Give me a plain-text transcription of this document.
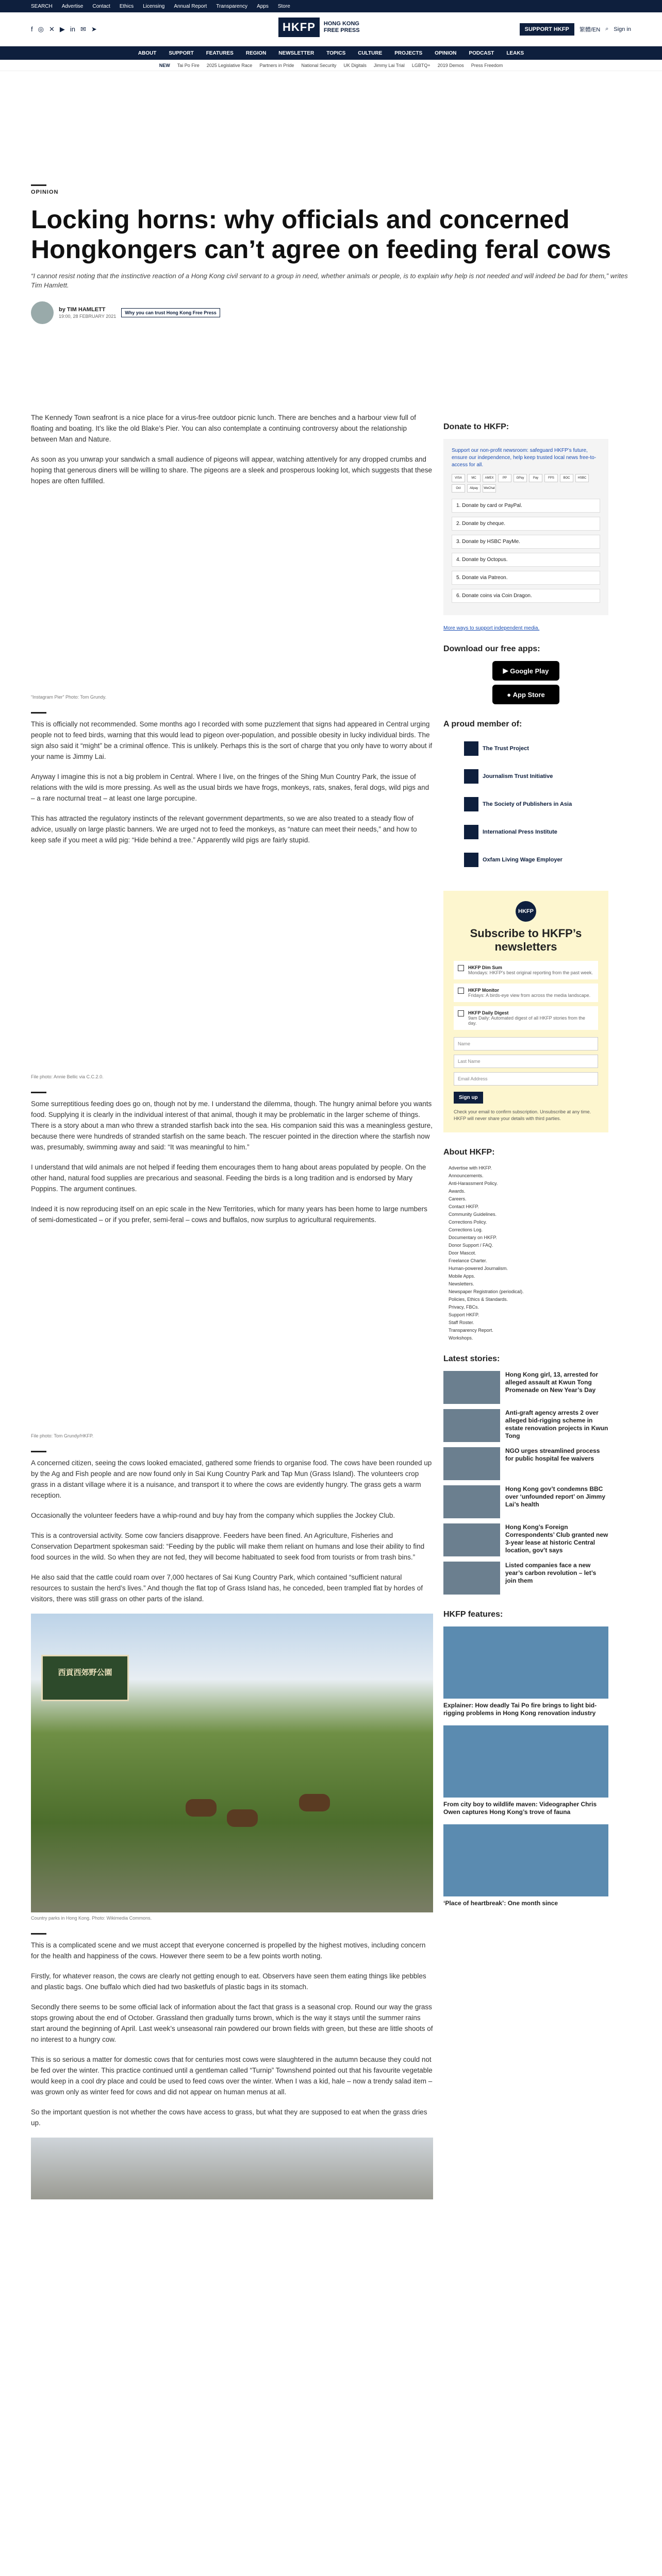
SEARCH Advertise Contact Ethics Licensing Annual Report Transparency Apps Store
f ◎ ✕ ▶ in ✉ ➤	SUPPORT HKFP	繁體/EN ⌕ Sign in
HKFP	HONG KONG
FREE PRESS
ABOUT SUPPORT FEATURES REGION NEWSLETTER TOPICS CULTURE PROJECTS OPINION PODCAST LEAKS
NEW Tai Po Fire 2025 Legislative Race Partners in Pride National Security UK Digitals Jimmy Lai Trial LGBTQ+ 2019 Demos Press Freedom
OPINION
Locking horns: why officials and concerned Hongkongers can’t agree on feeding feral cows
“I cannot resist noting that the instinctive reaction of a Hong Kong civil servant to a group in need, whether animals or people, is to explain why help is not needed and will indeed be bad for them,” writes Tim Hamlett.
by TIM HAMLETT
19:00, 28 FEBRUARY 2021
Why you can trust Hong Kong Free Press

The Kennedy Town seafront is a nice place for a virus-free outdoor picnic lunch. There are benches and a harbour view full of floating and boating. It’s like the old Blake’s Pier. You can also contemplate a continuing controversy about the relationship between Man and Nature.

As soon as you unwrap your sandwich a small audience of pigeons will appear, watching attentively for any dropped crumbs and hoping that generous diners will be willing to share. The pigeons are a sleek and prosperous looking lot, which suggests that these hopes are often fulfilled.

“Instagram Pier” Photo: Tom Grundy.

This is officially not recommended. Some months ago I recorded with some puzzlement that signs had appeared in Central urging people not to feed birds, warning that this would lead to pigeon over-population, and possible obesity in lucky individual birds. The sign also said it “might” be a criminal offence. This is unlikely. Perhaps this is the sort of charge that you only have to worry about if your name is Jimmy Lai.

Anyway I imagine this is not a big problem in Central. Where I live, on the fringes of the Shing Mun Country Park, the issue of relations with the wild is more pressing. As well as the usual birds we have frogs, monkeys, rats, snakes, feral dogs, wild pigs and – a rare nocturnal treat – at least one large porcupine.

This has attracted the regulatory instincts of the relevant government departments, so we are also treated to a steady flow of advice, usually on large plastic banners. We are urged not to feed the monkeys, as “nature can meet their needs,” and how to keep safe if you meet a wild pig: “Hide behind a tree.” Apparently wild pigs are fairly stupid.

File photo: Annie Bellic via C.C.2.0.

Some surreptitious feeding does go on, though not by me. I understand the dilemma, though. The hungry animal before you wants food. Supplying it is clearly in the individual interest of that animal, though it may be problematic in the larger scheme of things. There is a story about a man who threw a stranded starfish back into the sea. His companion said this was a meaningless gesture, because there were hundreds of stranded starfish on the same beach. The rescuer pointed in the direction where the starfish now was, presumably, swimming away and said: “It was meaningful to him.”

I understand that wild animals are not helped if feeding them encourages them to hang about areas populated by people. On the other hand, natural food supplies are precarious and seasonal. Feeding the birds is a long tradition and is endorsed by Mary Poppins. The argument continues.

Indeed it is now reproducing itself on an epic scale in the New Territories, which for many years has been home to large numbers of semi-domesticated – or if you prefer, semi-feral – cows and buffalos, now surplus to agricultural requirements.

File photo: Tom Grundy/HKFP.

A concerned citizen, seeing the cows looked emaciated, gathered some friends to organise food. The cows have been rounded up by the Ag and Fish people and are now found only in Sai Kung Country Park and Tap Mun (Grass Island). The volunteers crop grass in a distant village where it is a nuisance, and transport it to where the cows are evidently hungry. The grass gets a warm reception.

Occasionally the volunteer feeders have a whip-round and buy hay from the company which supplies the Jockey Club.

This is a controversial activity. Some cow fanciers disapprove. Feeders have been fined. An Agriculture, Fisheries and Conservation Department spokesman said: “Feeding by the public will make them reliant on humans and lose their ability to find food sources in the wild. So when they are not fed, they will become habituated to seek food from tourists or from trash bins.”

He also said that the cattle could roam over 7,000 hectares of Sai Kung Country Park, which contained “sufficient natural resources to sustain the herd’s lives.” And though the flat top of Grass Island has, he conceded, been trampled flat by hordes of visitors, there was still grass on other parts of the island.

西貢西郊野公園
Country parks in Hong Kong. Photo: Wikimedia Commons.

This is a complicated scene and we must accept that everyone concerned is propelled by the highest motives, including concern for the health and happiness of the cows. However there seem to be a few points worth noting.

Firstly, for whatever reason, the cows are clearly not getting enough to eat. Observers have seen them eating things like pebbles and plastic bags. One buffalo which died had two basketfuls of plastic bags in its stomach.

Secondly there seems to be some official lack of information about the fact that grass is a seasonal crop. Round our way the grass stops growing about the end of October. Grassland then gradually turns brown, which is the way it stays until the summer rains start around the beginning of April. Last week’s unseasonal rain powdered our brown fields with green, but these are little shoots of no interest to a hungry cow.

This is so serious a matter for domestic cows that for centuries most cows were slaughtered in the autumn because they could not be fed over the winter. This practice continued until a gentleman called “Turnip” Townshend pointed out that his favourite vegetable would keep in a cool dry place and could be used to feed cows over the winter. When I was a kid, hale – now a trendy salad item – was grown only as winter feed for cows and did not appear on human menus at all.

So the important question is not whether the cows have access to grass, but what they are supposed to eat when the grass dries up.

Donate to HKFP:
Support our non-profit newsroom: safeguard HKFP’s future, ensure our independence, help keep trusted local news free-to-access for all.
VISA	MC	AMEX	PP	GPay	Pay	FPS	BOC	HSBC
Oct	Alipay	WeChat
1. Donate by card or PayPal.
2. Donate by cheque.
3. Donate by HSBC PayMe.
4. Donate by Octopus.
5. Donate via Patreon.
6. Donate coins via Coin Dragon.
More ways to support independent media.
Download our free apps:
▶ Google Play
● App Store
A proud member of:
The Trust Project
Journalism Trust Initiative
The Society of Publishers in Asia
International Press Institute
Oxfam Living Wage Employer
HKFP
Subscribe to HKFP’s newsletters
HKFP Dim Sum
Mondays: HKFP's best original reporting from the past week.
HKFP Monitor
Fridays: A birds-eye view from across the media landscape.
HKFP Daily Digest
9am Daily: Automated digest of all HKFP stories from the day.
Name
Last Name
Email Address
Sign up
Check your email to confirm subscription. Unsubscribe at any time. HKFP will never share your details with third parties.
About HKFP:
Advertise with HKFP.
Announcements.
Anti-Harassment Policy.
Awards.
Careers.
Contact HKFP.
Community Guidelines.
Corrections Policy.
Corrections Log.
Documentary on HKFP.
Donor Support / FAQ.
Door Mascot.
Freelance Charter.
Human-powered Journalism.
Mobile Apps.
Newsletters.
Newspaper Registration (periodical).
Policies, Ethics & Standards.
Privacy, FBCs.
Support HKFP.
Staff Roster.
Transparency Report.
Workshops.
Latest stories:
Hong Kong girl, 13, arrested for alleged assault at Kwun Tong Promenade on New Year’s Day
Anti-graft agency arrests 2 over alleged bid-rigging scheme in estate renovation projects in Kwun Tong
NGO urges streamlined process for public hospital fee waivers
Hong Kong gov’t condemns BBC over ‘unfounded report’ on Jimmy Lai’s health
Hong Kong’s Foreign Correspondents’ Club granted new 3-year lease at historic Central location, gov’t says
Listed companies face a new year’s carbon revolution – let’s join them
HKFP features:
Explainer: How deadly Tai Po fire brings to light bid-rigging problems in Hong Kong renovation industry
From city boy to wildlife maven: Videographer Chris Owen captures Hong Kong’s trove of fauna
‘Place of heartbreak’: One month since
